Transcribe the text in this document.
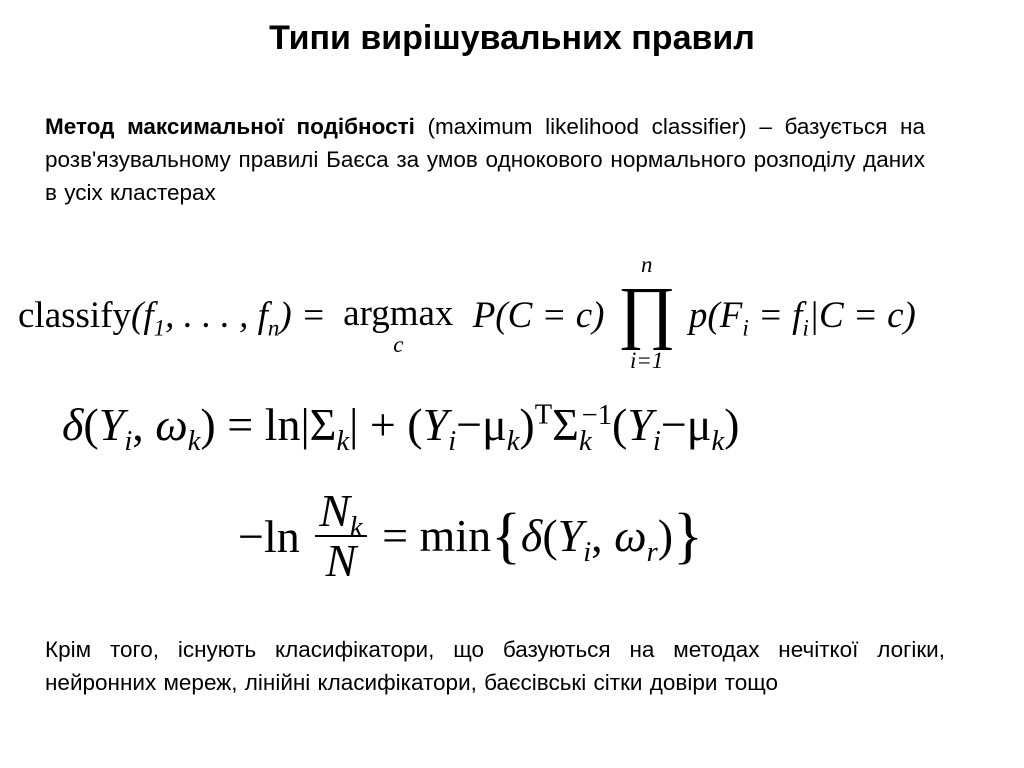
Типи вирішувальних правил

Метод максимальної подібності (maximum likelihood classifier) – базується на розв'язувальному правилі Баєса за умов однокового нормального розподілу даних в усіх кластерах

$classify(f_1$, . . . , $f_n) = argmax$
c
P(C = c)
n
∏
i=1
$p(F_i = f_i|C = c)$
$\delta(Y_i$, $\omega_k) = \ln|\Sigma_k| + (Y_i-\mu_k)^T\Sigma_k^{-1}(Y_i-\mu_k)$
$-\ln \frac{N_k}{N} = \min\{\delta(Y_i$, $\omega_r$)}

Крім того, існують класифікатори, що базуються на методах нечіткої логіки, нейронних мереж, лінійні класифікатори, баєсівські сітки довіри тощо
